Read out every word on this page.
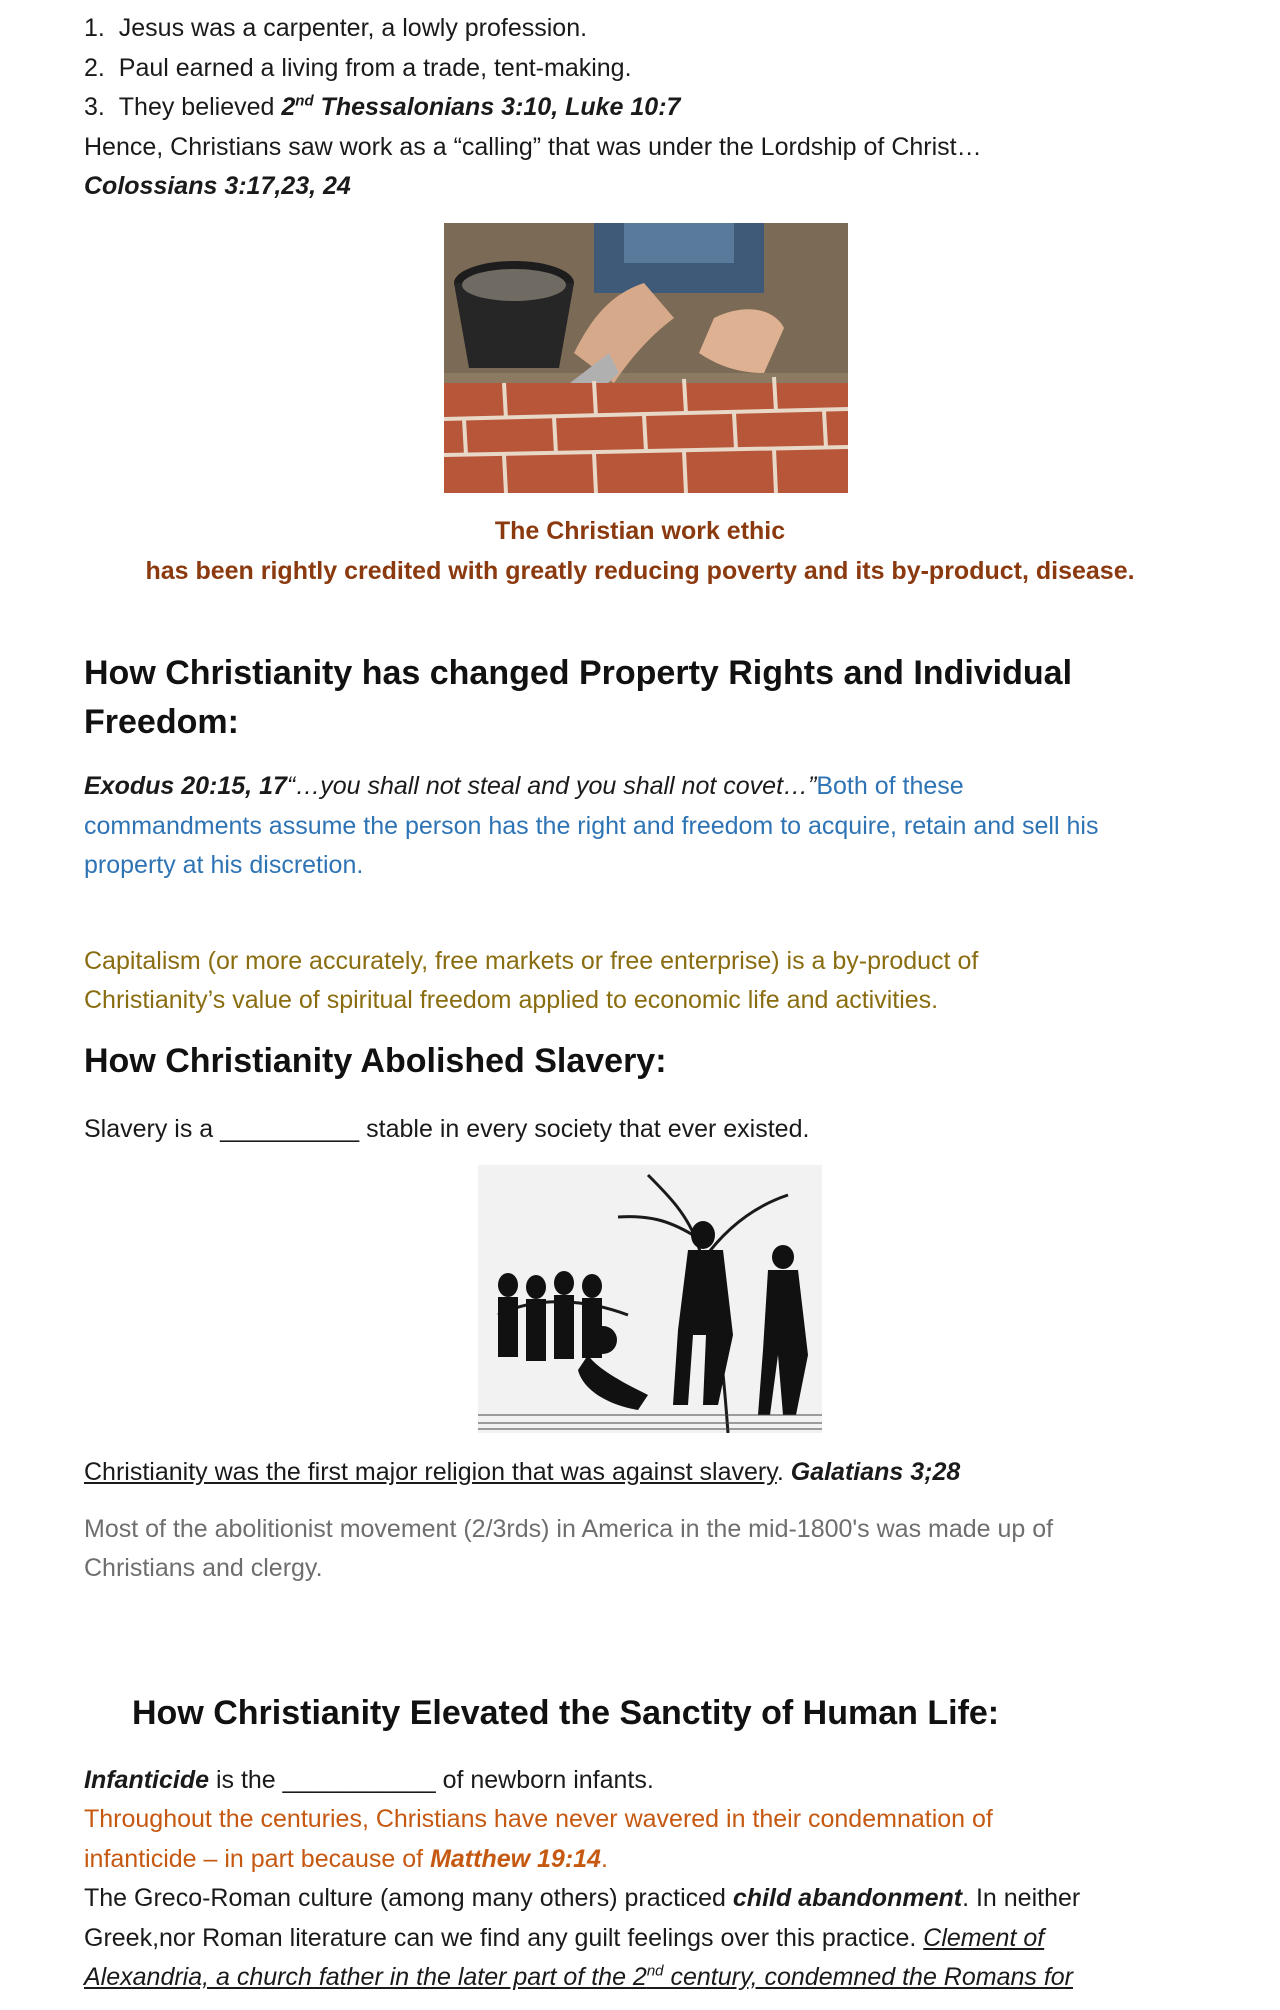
1. Jesus was a carpenter, a lowly profession.
2. Paul earned a living from a trade, tent-making.
3. They believed 2nd Thessalonians 3:10, Luke 10:7
Hence, Christians saw work as a “calling” that was under the Lordship of Christ…
Colossians 3:17,23, 24
The Christian work ethic
has been rightly credited with greatly reducing poverty and its by-product, disease.
How Christianity has changed Property Rights and Individual
Freedom:
Exodus 20:15, 17“…you shall not steal and you shall not covet…”Both of these
commandments assume the person has the right and freedom to acquire, retain and sell his
property at his discretion.
Capitalism (or more accurately, free markets or free enterprise) is a by-product of
Christianity’s value of spiritual freedom applied to economic life and activities.
How Christianity Abolished Slavery:
Slavery is a __________ stable in every society that ever existed.
Christianity was the first major religion that was against slavery. Galatians 3;28
Most of the abolitionist movement (2/3rds) in America in the mid-1800's was made up of
Christians and clergy.
How Christianity Elevated the Sanctity of Human Life:
Infanticide is the ___________ of newborn infants.
Throughout the centuries, Christians have never wavered in their condemnation of
infanticide – in part because of Matthew 19:14.
The Greco-Roman culture (among many others) practiced child abandonment. In neither
Greek,nor Roman literature can we find any guilt feelings over this practice. Clement of
Alexandria, a church father in the later part of the 2nd century, condemned the Romans for
